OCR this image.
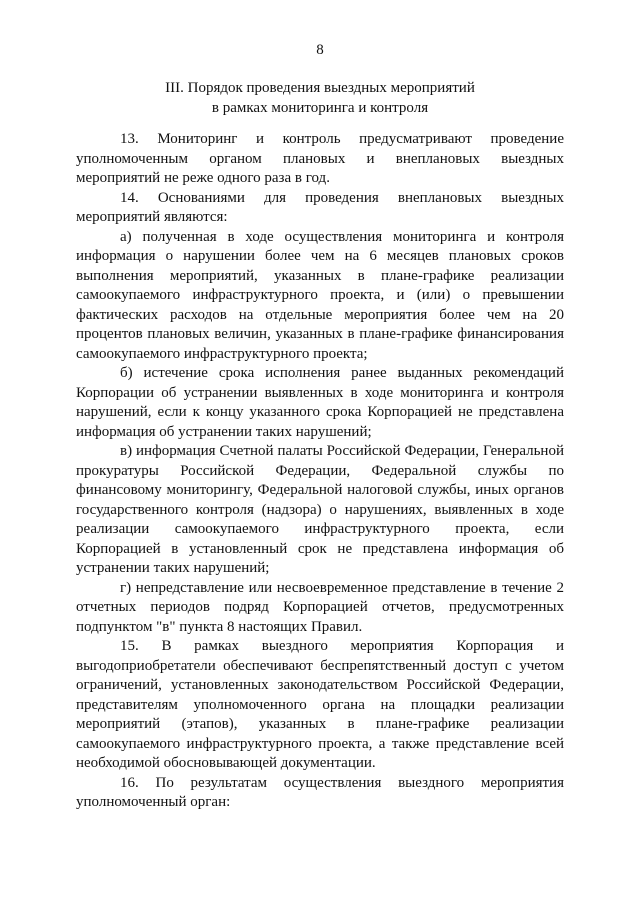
8
III. Порядок проведения выездных мероприятий
в рамках мониторинга и контроля

13. Мониторинг и контроль предусматривают проведение уполномоченным органом плановых и внеплановых выездных мероприятий не реже одного раза в год.

14. Основаниями для проведения внеплановых выездных мероприятий являются:

а) полученная в ходе осуществления мониторинга и контроля информация о нарушении более чем на 6 месяцев плановых сроков выполнения мероприятий, указанных в плане-графике реализации самоокупаемого инфраструктурного проекта, и (или) о превышении фактических расходов на отдельные мероприятия более чем на 20 процентов плановых величин, указанных в плане-графике финансирования самоокупаемого инфраструктурного проекта;

б) истечение срока исполнения ранее выданных рекомендаций Корпорации об устранении выявленных в ходе мониторинга и контроля нарушений, если к концу указанного срока Корпорацией не представлена информация об устранении таких нарушений;

в) информация Счетной палаты Российской Федерации, Генеральной прокуратуры Российской Федерации, Федеральной службы по финансовому мониторингу, Федеральной налоговой службы, иных органов государственного контроля (надзора) о нарушениях, выявленных в ходе реализации самоокупаемого инфраструктурного проекта, если Корпорацией в установленный срок не представлена информация об устранении таких нарушений;

г) непредставление или несвоевременное представление в течение 2 отчетных периодов подряд Корпорацией отчетов, предусмотренных подпунктом "в" пункта 8 настоящих Правил.

15. В рамках выездного мероприятия Корпорация и выгодоприобретатели обеспечивают беспрепятственный доступ с учетом ограничений, установленных законодательством Российской Федерации, представителям уполномоченного органа на площадки реализации мероприятий (этапов), указанных в плане-графике реализации самоокупаемого инфраструктурного проекта, а также представление всей необходимой обосновывающей документации.

16. По результатам осуществления выездного мероприятия уполномоченный орган:
